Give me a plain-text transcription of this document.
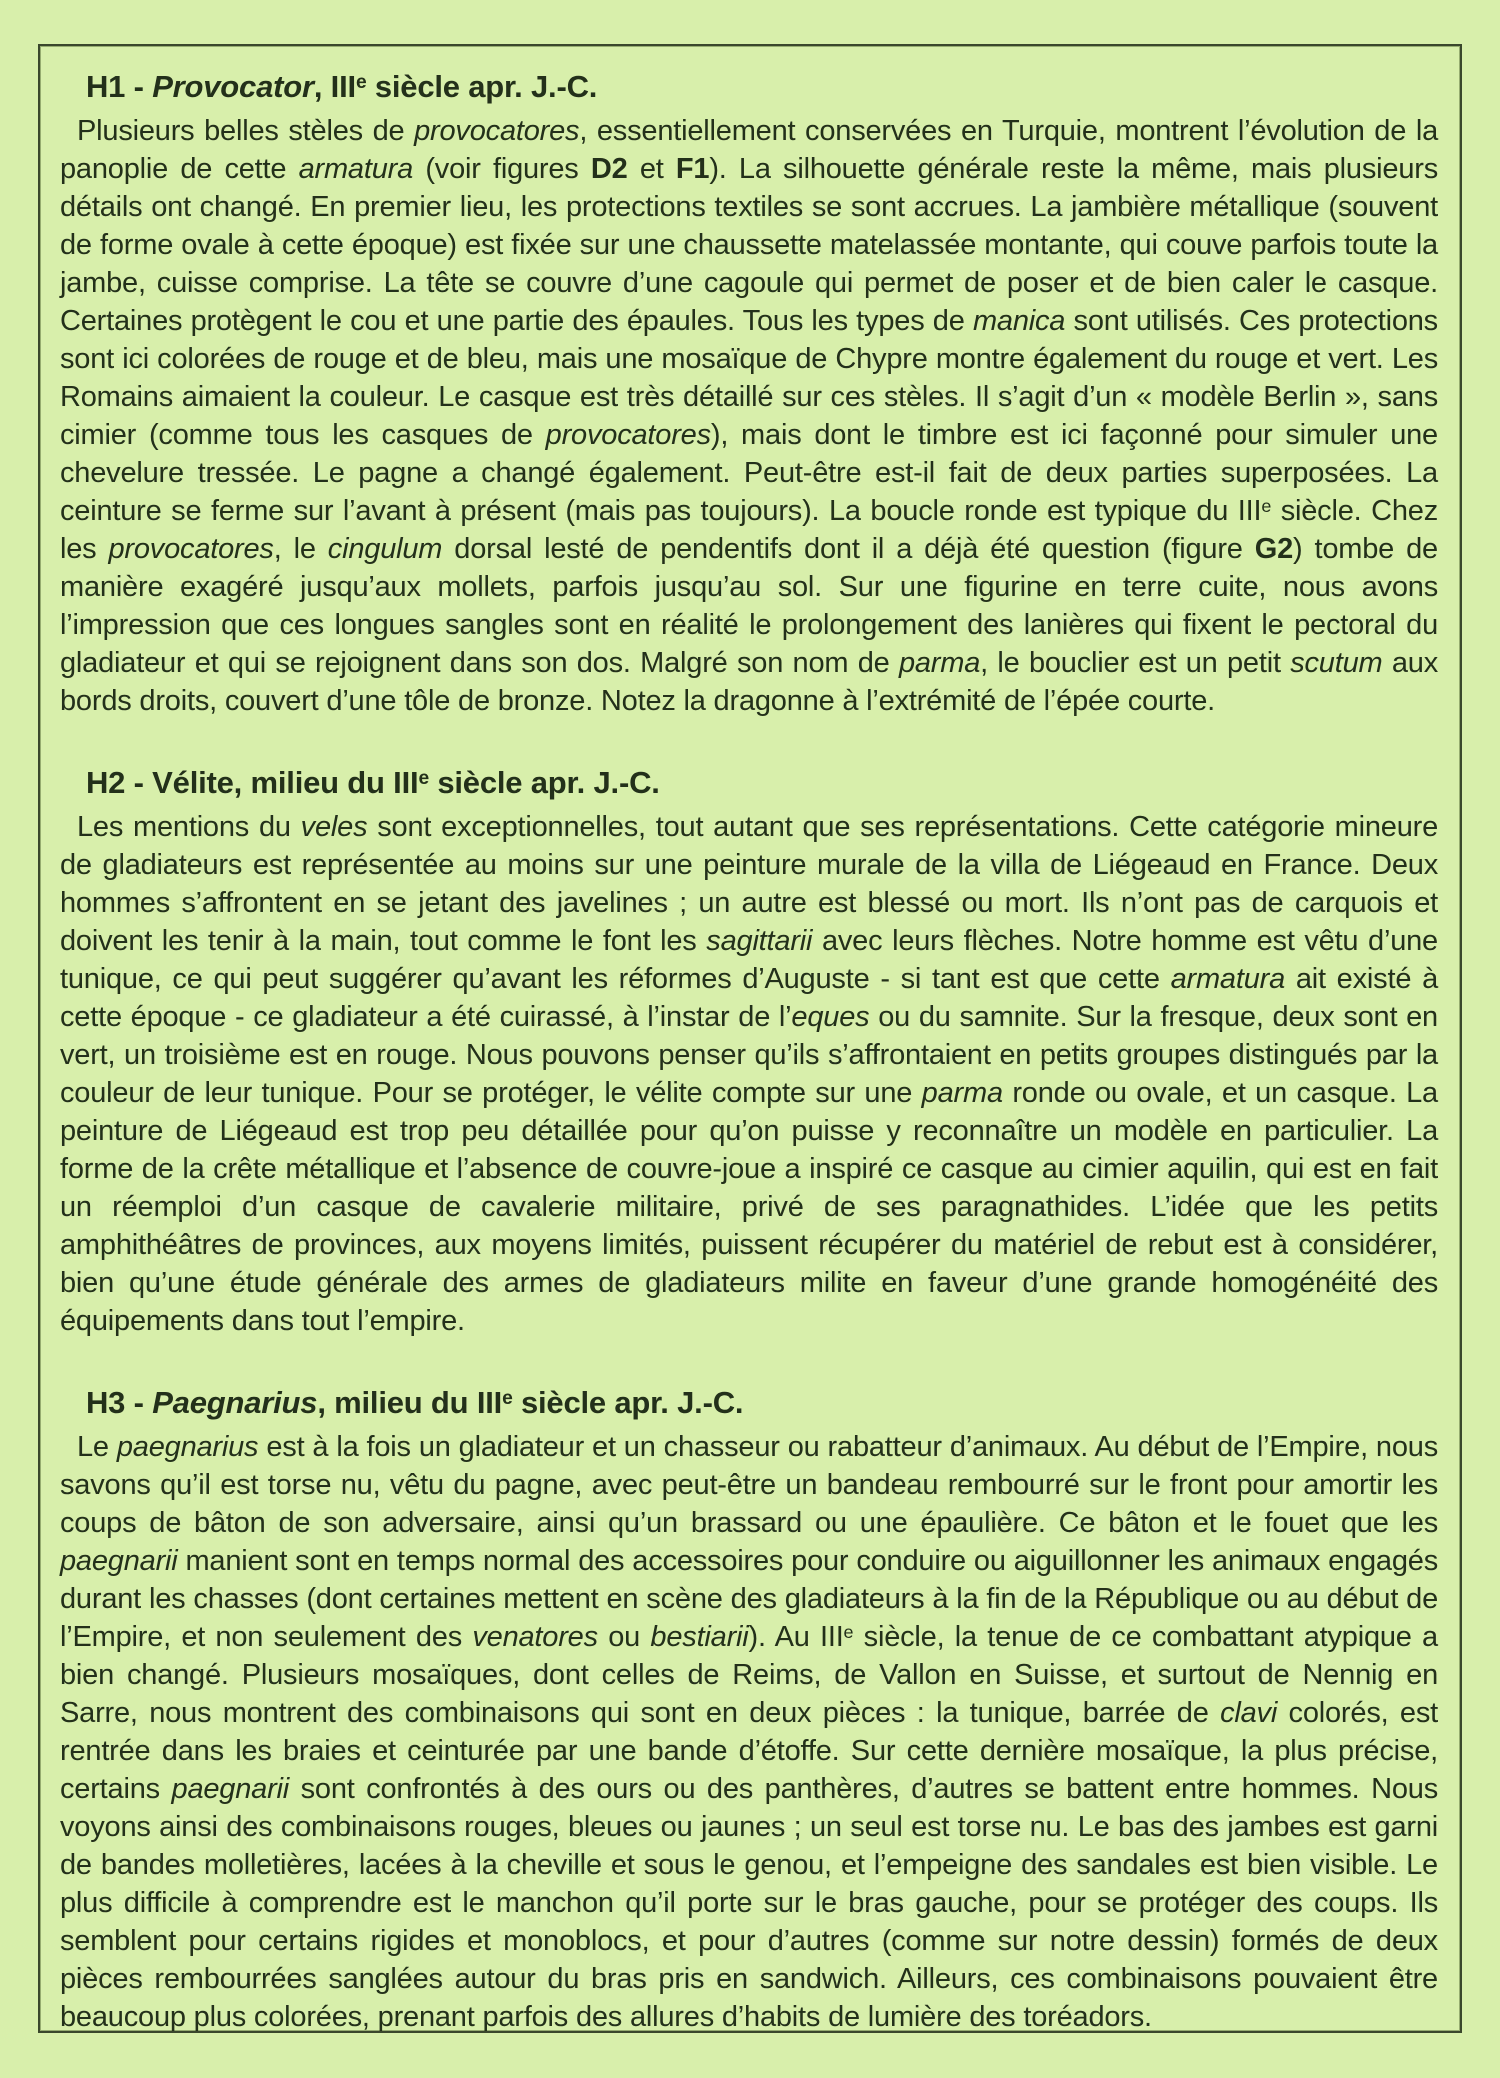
H1 - Provocator, IIIe siècle apr. J.-C.

Plusieurs belles stèles de provocatores, essentiellement conservées en Turquie, montrent l’évolution de la panoplie de cette armatura (voir figures D2 et F1). La silhouette générale reste la même, mais plusieurs détails ont changé. En premier lieu, les protections textiles se sont accrues. La jambière métallique (souvent de forme ovale à cette époque) est fixée sur une chaussette matelassée montante, qui couve parfois toute la jambe, cuisse comprise. La tête se couvre d’une cagoule qui permet de poser et de bien caler le casque. Certaines protègent le cou et une partie des épaules. Tous les types de manica sont utilisés. Ces protections sont ici colorées de rouge et de bleu, mais une mosaïque de Chypre montre également du rouge et vert. Les Romains aimaient la couleur. Le casque est très détaillé sur ces stèles. Il s’agit d’un « modèle Berlin », sans cimier (comme tous les casques de provocatores), mais dont le timbre est ici façonné pour simuler une chevelure tressée. Le pagne a changé également. Peut-être est-il fait de deux parties superposées. La ceinture se ferme sur l’avant à présent (mais pas toujours). La boucle ronde est typique du IIIe siècle. Chez les provocatores, le cingulum dorsal lesté de pendentifs dont il a déjà été question (figure G2) tombe de manière exagéré jusqu’aux mollets, parfois jusqu’au sol. Sur une figurine en terre cuite, nous avons l’impression que ces longues sangles sont en réalité le prolongement des lanières qui fixent le pectoral du gladiateur et qui se rejoignent dans son dos. Malgré son nom de parma, le bouclier est un petit scutum aux bords droits, couvert d’une tôle de bronze. Notez la dragonne à l’extrémité de l’épée courte.

H2 - Vélite, milieu du IIIe siècle apr. J.-C.

Les mentions du veles sont exceptionnelles, tout autant que ses représentations. Cette catégorie mineure de gladiateurs est représentée au moins sur une peinture murale de la villa de Liégeaud en France. Deux hommes s’affrontent en se jetant des javelines ; un autre est blessé ou mort. Ils n’ont pas de carquois et doivent les tenir à la main, tout comme le font les sagittarii avec leurs flèches. Notre homme est vêtu d’une tunique, ce qui peut suggérer qu’avant les réformes d’Auguste - si tant est que cette armatura ait existé à cette époque - ce gladiateur a été cuirassé, à l’instar de l’eques ou du samnite. Sur la fresque, deux sont en vert, un troisième est en rouge. Nous pouvons penser qu’ils s’affrontaient en petits groupes distingués par la couleur de leur tunique. Pour se protéger, le vélite compte sur une parma ronde ou ovale, et un casque. La peinture de Liégeaud est trop peu détaillée pour qu’on puisse y reconnaître un modèle en particulier. La forme de la crête métallique et l’absence de couvre-joue a inspiré ce casque au cimier aquilin, qui est en fait un réemploi d’un casque de cavalerie militaire, privé de ses paragnathides. L’idée que les petits amphithéâtres de provinces, aux moyens limités, puissent récupérer du matériel de rebut est à considérer, bien qu’une étude générale des armes de gladiateurs milite en faveur d’une grande homogénéité des équipements dans tout l’empire.

H3 - Paegnarius, milieu du IIIe siècle apr. J.-C.

Le paegnarius est à la fois un gladiateur et un chasseur ou rabatteur d’animaux. Au début de l’Empire, nous savons qu’il est torse nu, vêtu du pagne, avec peut-être un bandeau rembourré sur le front pour amortir les coups de bâton de son adversaire, ainsi qu’un brassard ou une épaulière. Ce bâton et le fouet que les paegnarii manient sont en temps normal des accessoires pour conduire ou aiguillonner les animaux engagés durant les chasses (dont certaines mettent en scène des gladiateurs à la fin de la République ou au début de l’Empire, et non seulement des venatores ou bestiarii). Au IIIe siècle, la tenue de ce combattant atypique a bien changé. Plusieurs mosaïques, dont celles de Reims, de Vallon en Suisse, et surtout de Nennig en Sarre, nous montrent des combinaisons qui sont en deux pièces : la tunique, barrée de clavi colorés, est rentrée dans les braies et ceinturée par une bande d’étoffe. Sur cette dernière mosaïque, la plus précise, certains paegnarii sont confrontés à des ours ou des panthères, d’autres se battent entre hommes. Nous voyons ainsi des combinaisons rouges, bleues ou jaunes ; un seul est torse nu. Le bas des jambes est garni de bandes molletières, lacées à la cheville et sous le genou, et l’empeigne des sandales est bien visible. Le plus difficile à comprendre est le manchon qu’il porte sur le bras gauche, pour se protéger des coups. Ils semblent pour certains rigides et monoblocs, et pour d’autres (comme sur notre dessin) formés de deux pièces rembourrées sanglées autour du bras pris en sandwich. Ailleurs, ces combinaisons pouvaient être beaucoup plus colorées, prenant parfois des allures d’habits de lumière des toréadors.
